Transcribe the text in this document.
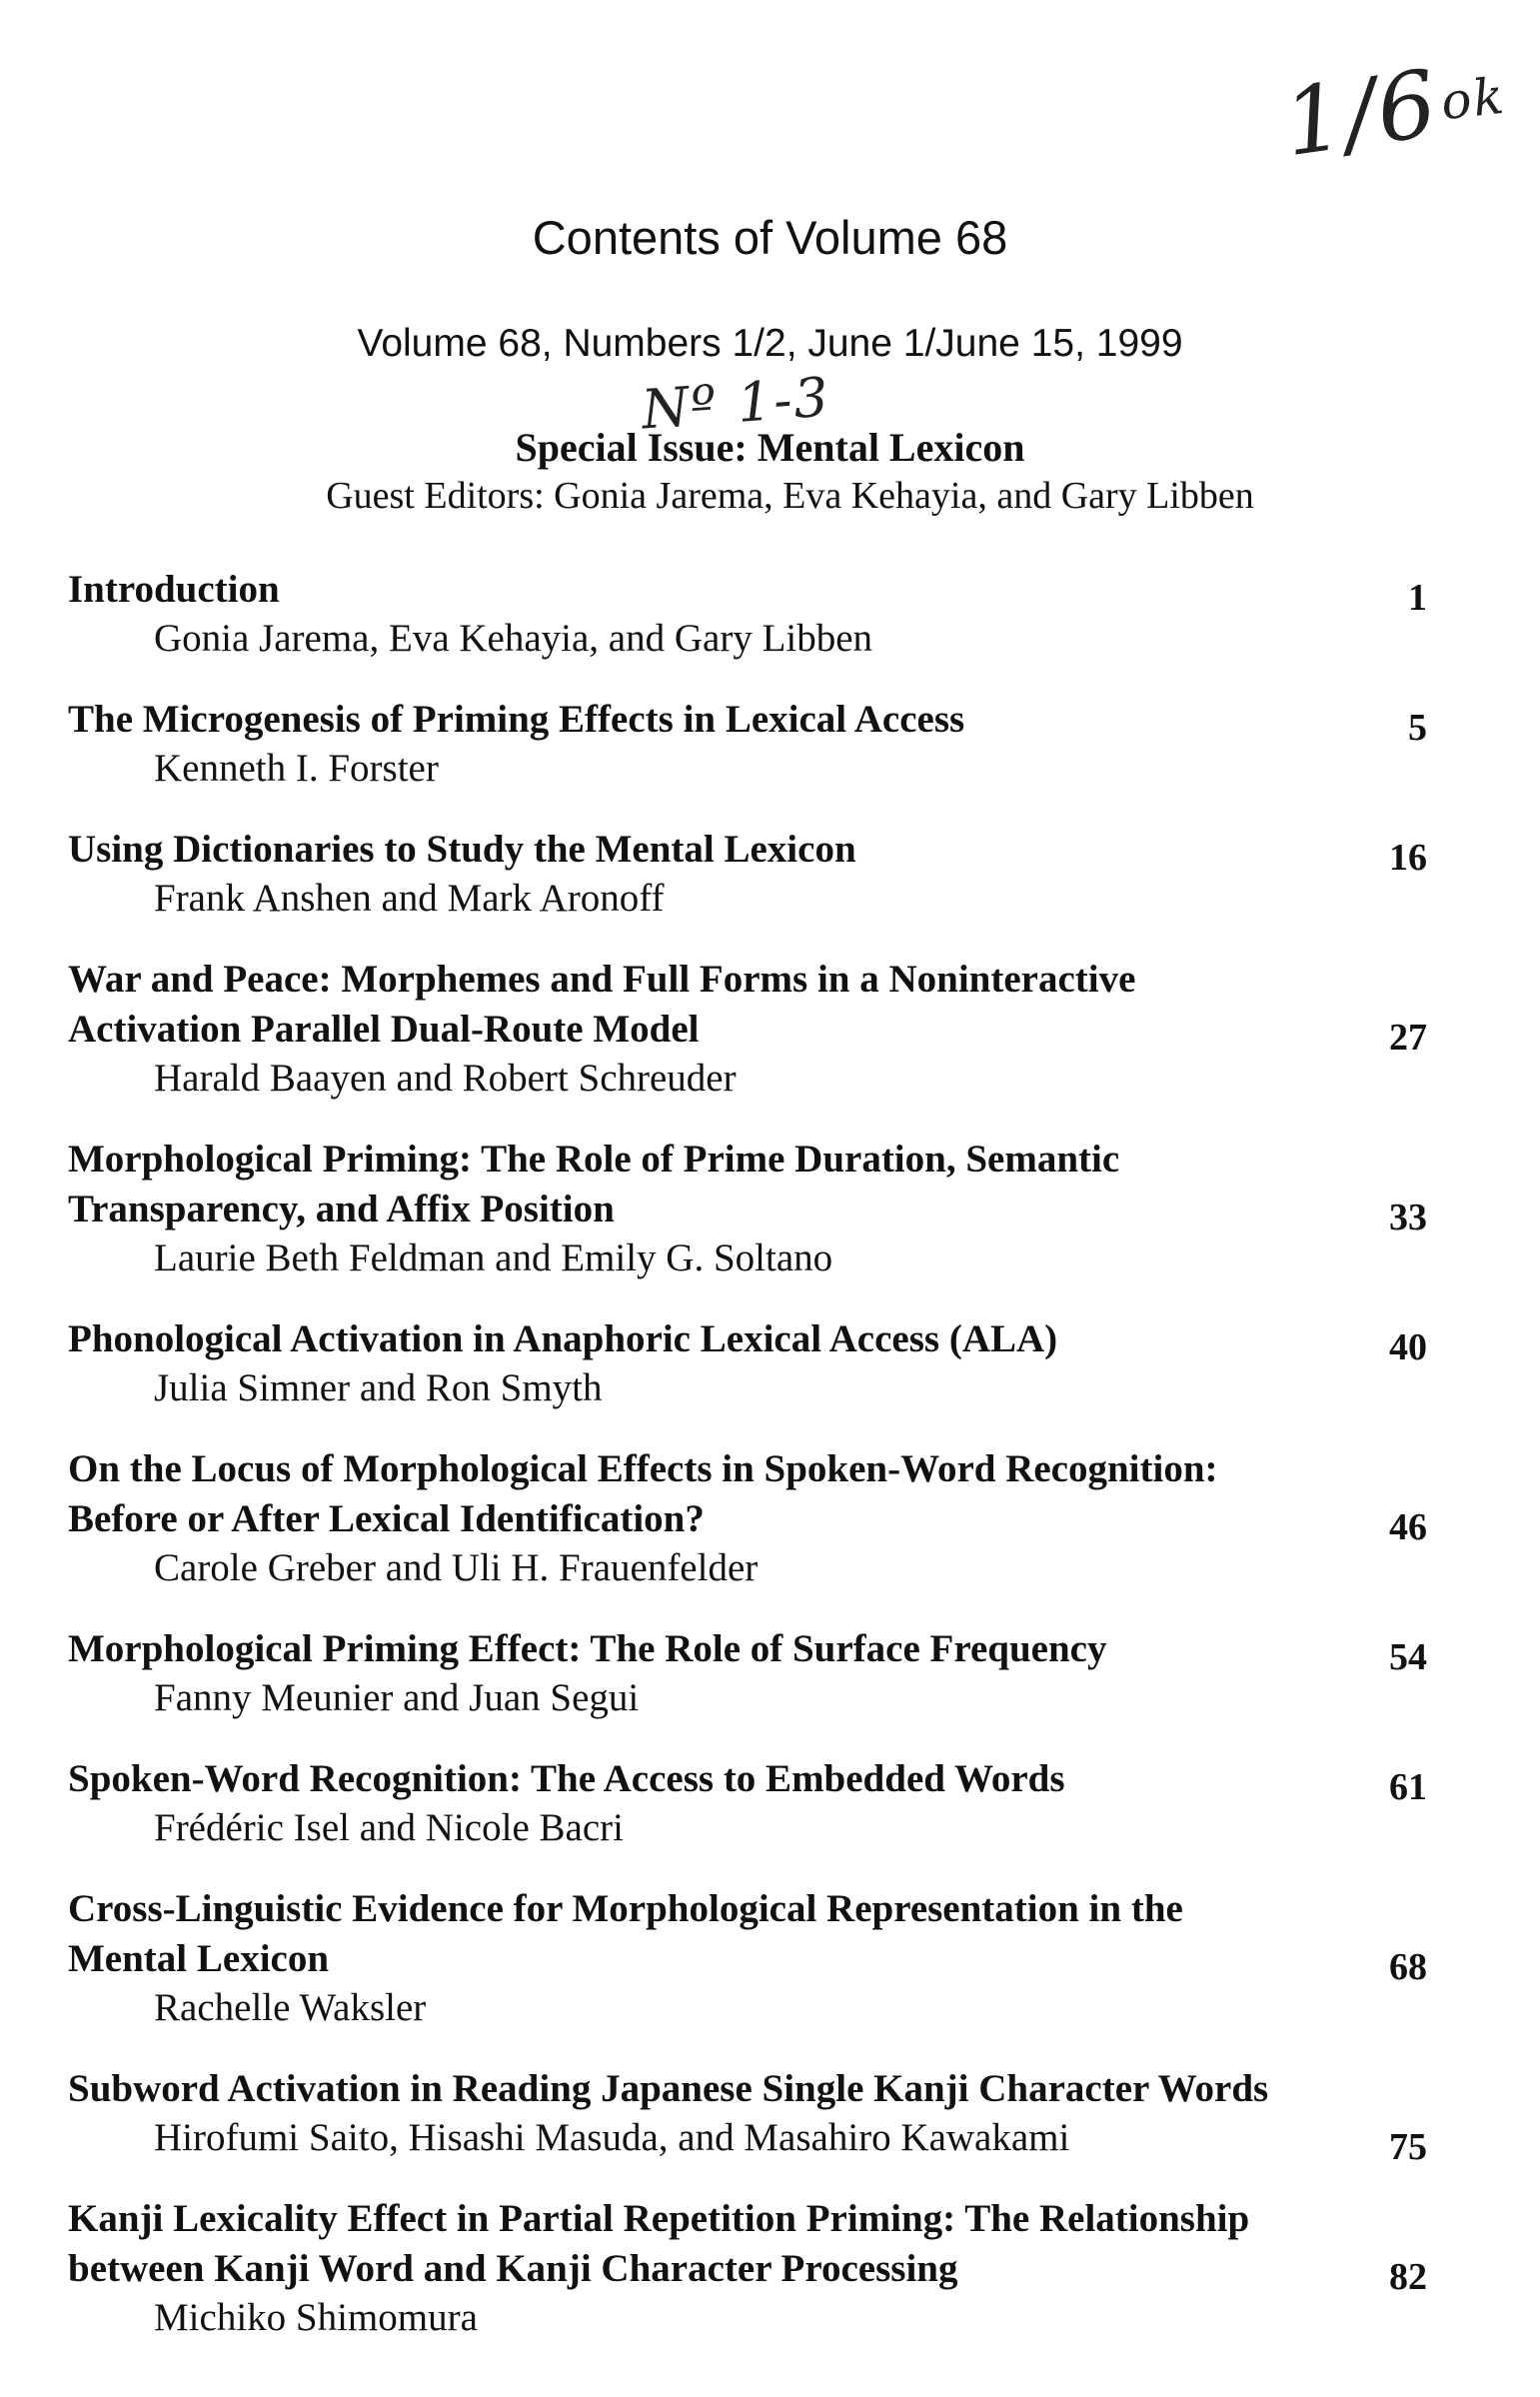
1/6
ok
Contents of Volume 68
Volume 68, Numbers 1/2, June 1/June 15, 1999
Nº 1-3
Special Issue: Mental Lexicon
Guest Editors: Gonia Jarema, Eva Kehayia, and Gary Libben
Introduction
Gonia Jarema, Eva Kehayia, and Gary Libben
1
The Microgenesis of Priming Effects in Lexical Access
Kenneth I. Forster
5
Using Dictionaries to Study the Mental Lexicon
Frank Anshen and Mark Aronoff
16
War and Peace: Morphemes and Full Forms in a Noninteractive Activation Parallel Dual-Route Model
Harald Baayen and Robert Schreuder
27
Morphological Priming: The Role of Prime Duration, Semantic Transparency, and Affix Position
Laurie Beth Feldman and Emily G. Soltano
33
Phonological Activation in Anaphoric Lexical Access (ALA)
Julia Simner and Ron Smyth
40
On the Locus of Morphological Effects in Spoken-Word Recognition: Before or After Lexical Identification?
Carole Greber and Uli H. Frauenfelder
46
Morphological Priming Effect: The Role of Surface Frequency
Fanny Meunier and Juan Segui
54
Spoken-Word Recognition: The Access to Embedded Words
Frédéric Isel and Nicole Bacri
61
Cross-Linguistic Evidence for Morphological Representation in the Mental Lexicon
Rachelle Waksler
68
Subword Activation in Reading Japanese Single Kanji Character Words
Hirofumi Saito, Hisashi Masuda, and Masahiro Kawakami	75
Kanji Lexicality Effect in Partial Repetition Priming: The Relationship between Kanji Word and Kanji Character Processing
Michiko Shimomura
82
